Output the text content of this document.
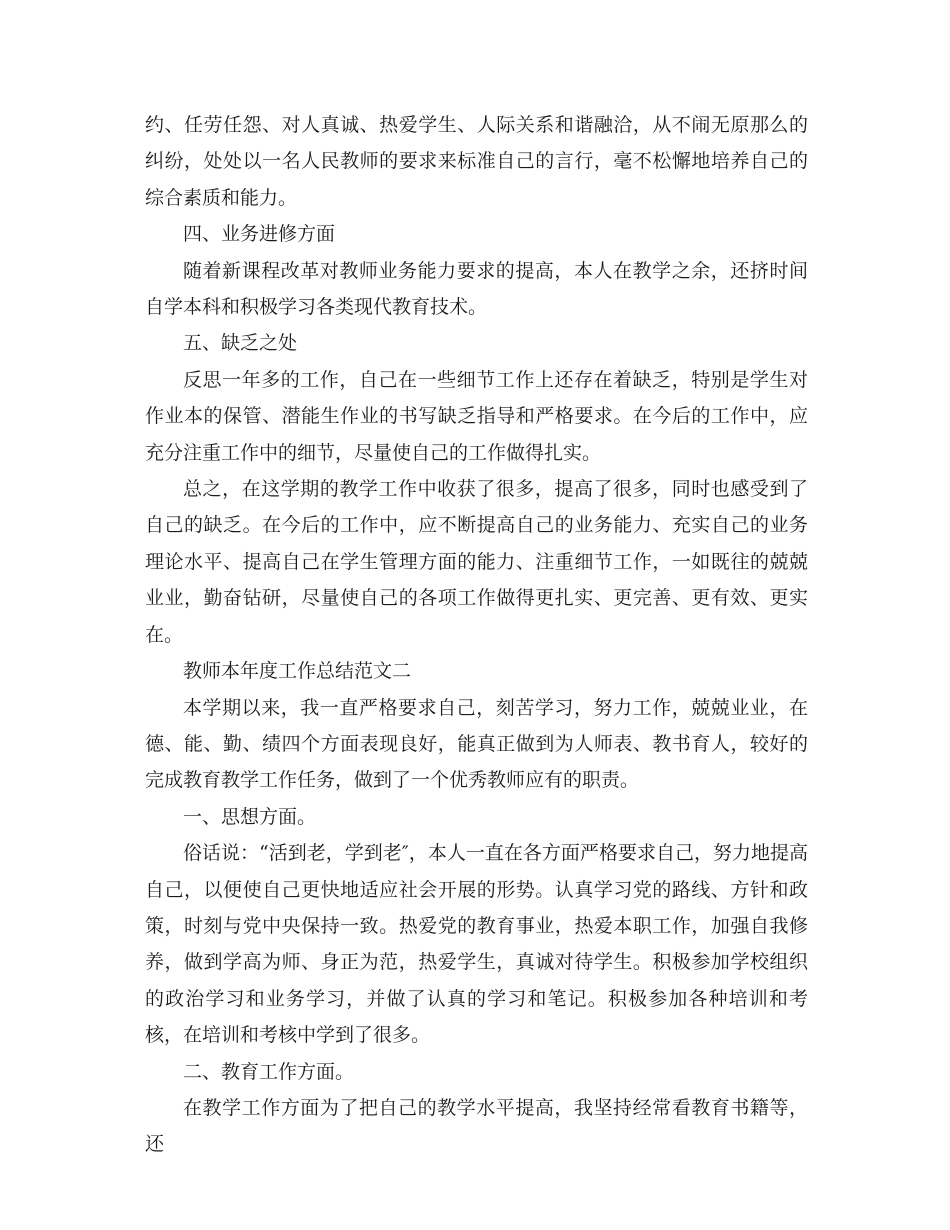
约、任劳任怨、对人真诚、热爱学生、人际关系和谐融洽，从不闹无原那么的纠纷，处处以一名人民教师的要求来标准自己的言行，毫不松懈地培养自己的综合素质和能力。

四、业务进修方面

随着新课程改革对教师业务能力要求的提高，本人在教学之余，还挤时间自学本科和积极学习各类现代教育技术。

五、缺乏之处

反思一年多的工作，自己在一些细节工作上还存在着缺乏，特别是学生对作业本的保管、潜能生作业的书写缺乏指导和严格要求。在今后的工作中，应充分注重工作中的细节，尽量使自己的工作做得扎实。

总之，在这学期的教学工作中收获了很多，提高了很多，同时也感受到了自己的缺乏。在今后的工作中，应不断提高自己的业务能力、充实自己的业务理论水平、提高自己在学生管理方面的能力、注重细节工作，一如既往的兢兢业业，勤奋钻研，尽量使自己的各项工作做得更扎实、更完善、更有效、更实在。

教师本年度工作总结范文二

本学期以来，我一直严格要求自己，刻苦学习，努力工作，兢兢业业，在德、能、勤、绩四个方面表现良好，能真正做到为人师表、教书育人，较好的完成教育教学工作任务，做到了一个优秀教师应有的职责。

一、思想方面。

俗话说：“活到老，学到老″，本人一直在各方面严格要求自己，努力地提高自己，以便使自己更快地适应社会开展的形势。认真学习党的路线、方针和政策，时刻与党中央保持一致。热爱党的教育事业，热爱本职工作，加强自我修养，做到学高为师、身正为范，热爱学生，真诚对待学生。积极参加学校组织的政治学习和业务学习，并做了认真的学习和笔记。积极参加各种培训和考核，在培训和考核中学到了很多。

二、教育工作方面。

在教学工作方面为了把自己的教学水平提高，我坚持经常看教育书籍等，还
